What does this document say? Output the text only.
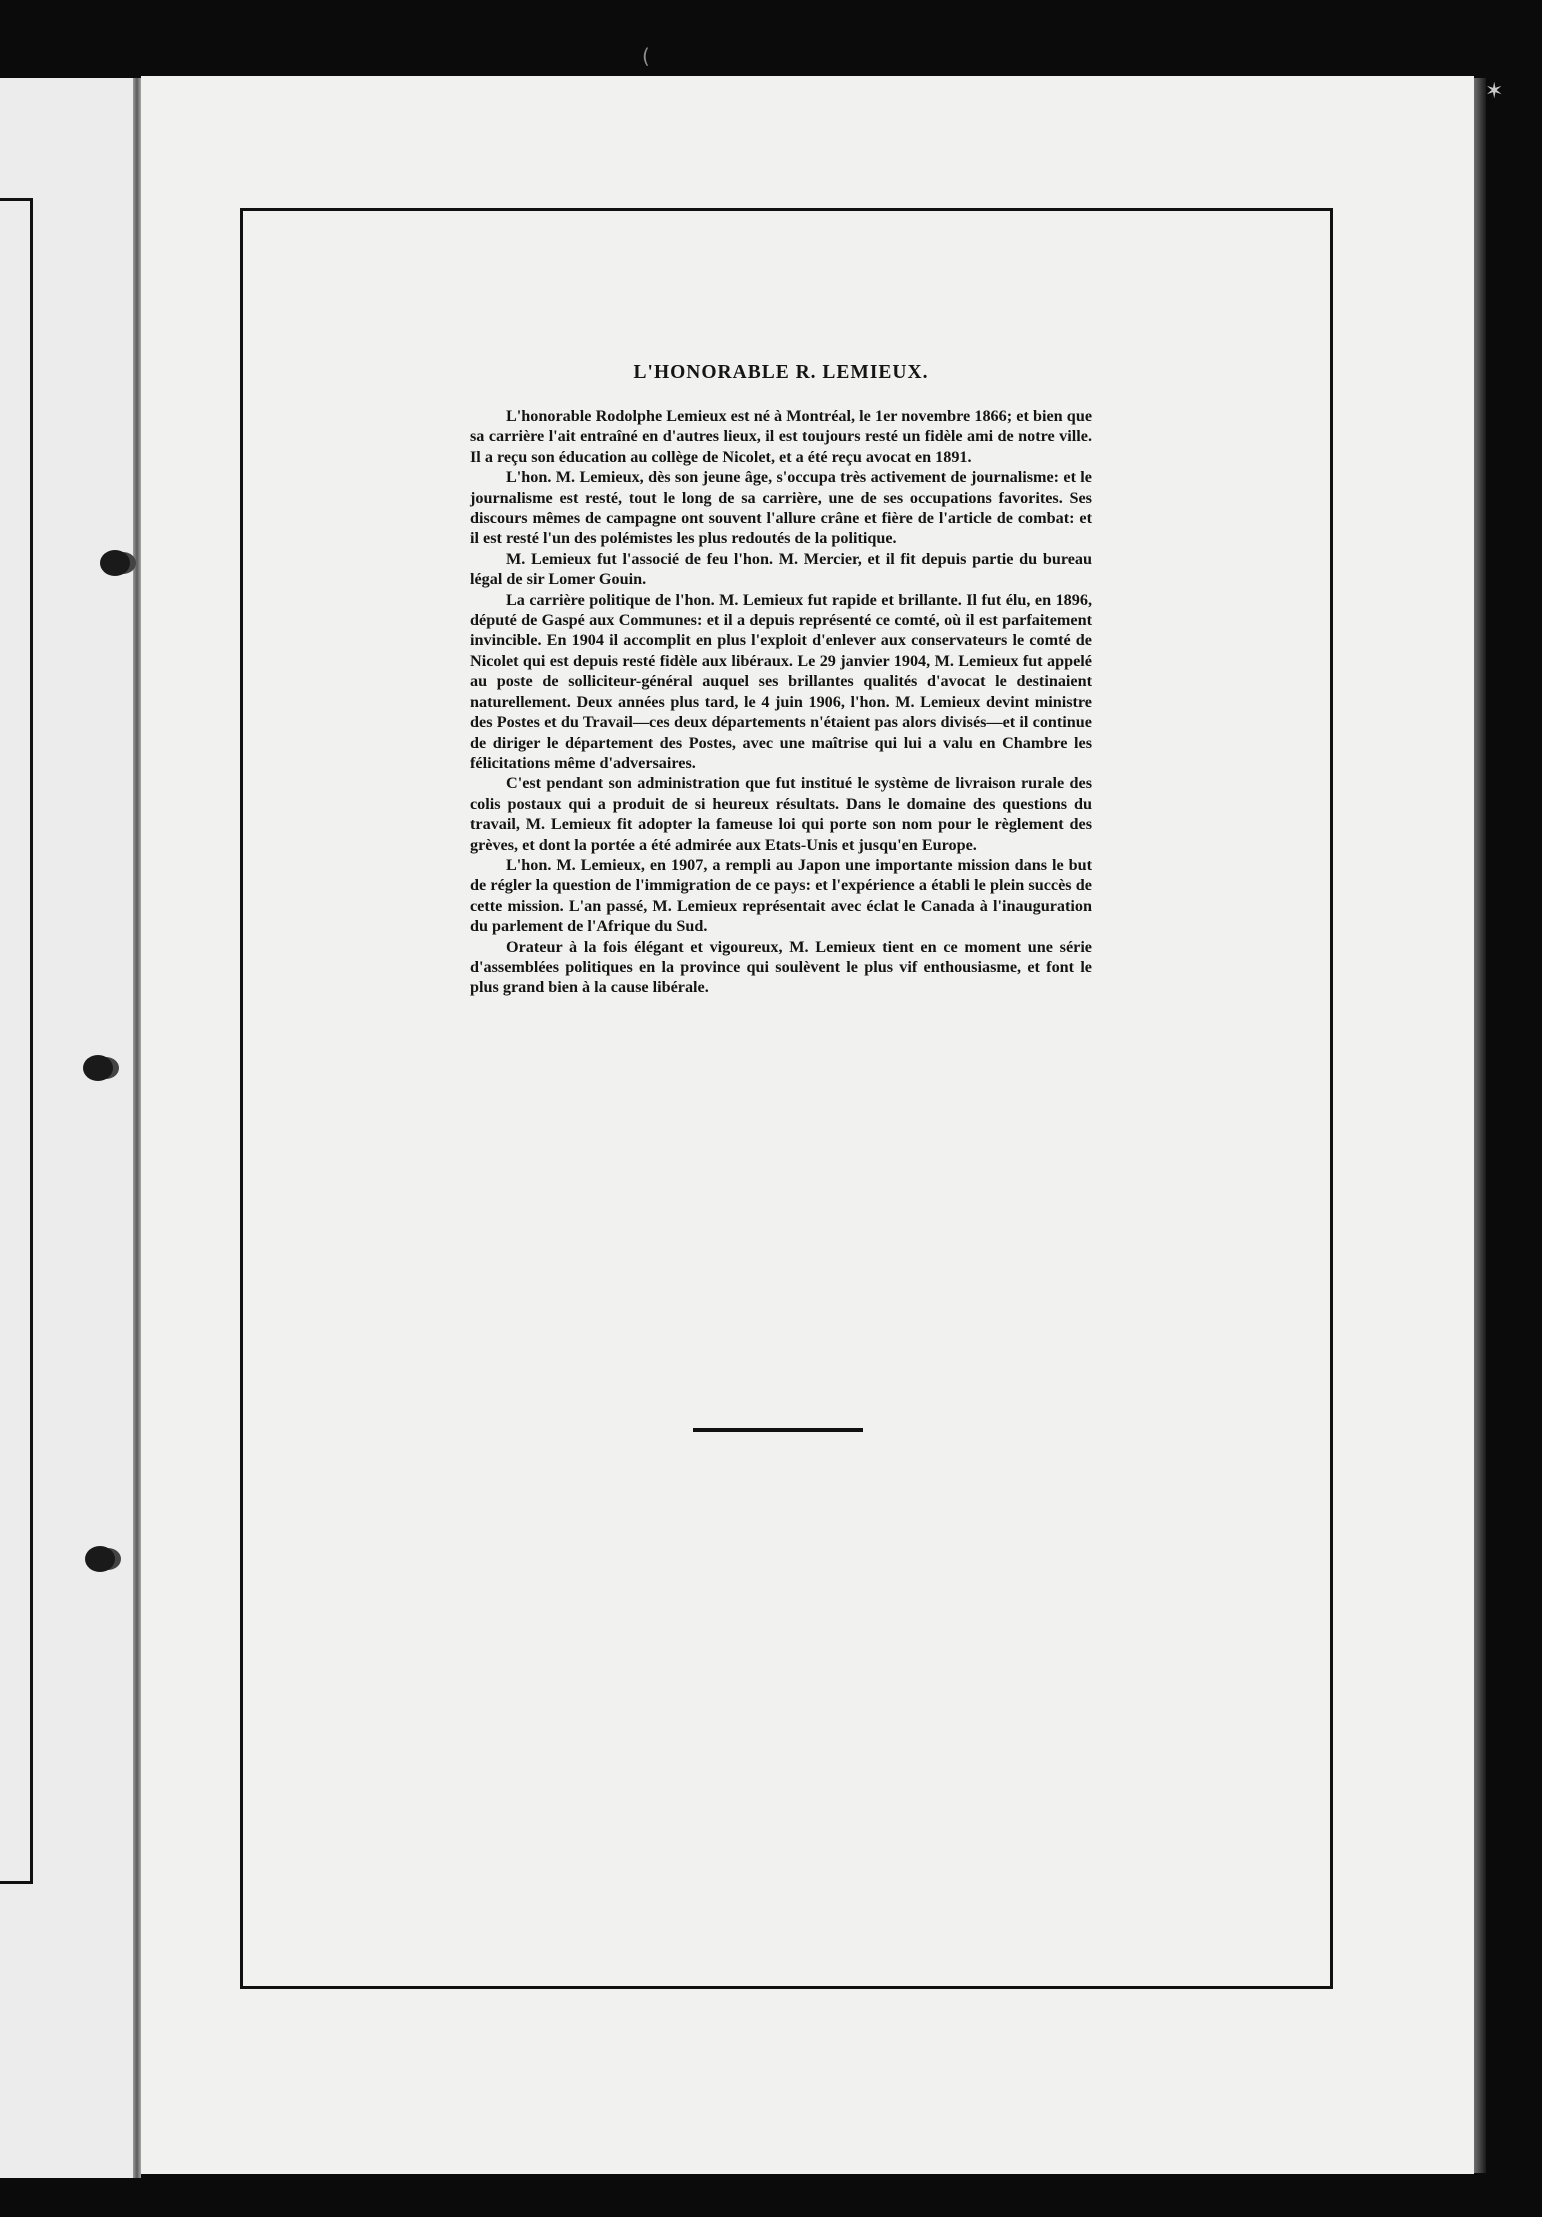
(
✶
L'HONORABLE R. LEMIEUX.

L'honorable Rodolphe Lemieux est né à Montréal, le 1er novembre 1866; et bien que sa carrière l'ait entraîné en d'autres lieux, il est toujours resté un fidèle ami de notre ville. Il a reçu son éducation au collège de Nicolet, et a été reçu avocat en 1891.

L'hon. M. Lemieux, dès son jeune âge, s'occupa très activement de journalisme: et le journalisme est resté, tout le long de sa carrière, une de ses occupations favorites. Ses discours mêmes de campagne ont souvent l'allure crâne et fière de l'article de combat: et il est resté l'un des polémistes les plus redoutés de la politique.

M. Lemieux fut l'associé de feu l'hon. M. Mercier, et il fit depuis partie du bureau légal de sir Lomer Gouin.

La carrière politique de l'hon. M. Lemieux fut rapide et brillante. Il fut élu, en 1896, député de Gaspé aux Communes: et il a depuis représenté ce comté, où il est parfaitement invincible. En 1904 il accomplit en plus l'exploit d'enlever aux conservateurs le comté de Nicolet qui est depuis resté fidèle aux libéraux. Le 29 janvier 1904, M. Lemieux fut appelé au poste de solliciteur-général auquel ses brillantes qualités d'avocat le destinaient naturellement. Deux années plus tard, le 4 juin 1906, l'hon. M. Lemieux devint ministre des Postes et du Travail—ces deux départements n'étaient pas alors divisés—et il continue de diriger le département des Postes, avec une maîtrise qui lui a valu en Chambre les félicitations même d'adversaires.

C'est pendant son administration que fut institué le système de livraison rurale des colis postaux qui a produit de si heureux résultats. Dans le domaine des questions du travail, M. Lemieux fit adopter la fameuse loi qui porte son nom pour le règlement des grèves, et dont la portée a été admirée aux Etats-Unis et jusqu'en Europe.

L'hon. M. Lemieux, en 1907, a rempli au Japon une importante mission dans le but de régler la question de l'immigration de ce pays: et l'expérience a établi le plein succès de cette mission. L'an passé, M. Lemieux représentait avec éclat le Canada à l'inauguration du parlement de l'Afrique du Sud.

Orateur à la fois élégant et vigoureux, M. Lemieux tient en ce moment une série d'assemblées politiques en la province qui soulèvent le plus vif enthousiasme, et font le plus grand bien à la cause libérale.
